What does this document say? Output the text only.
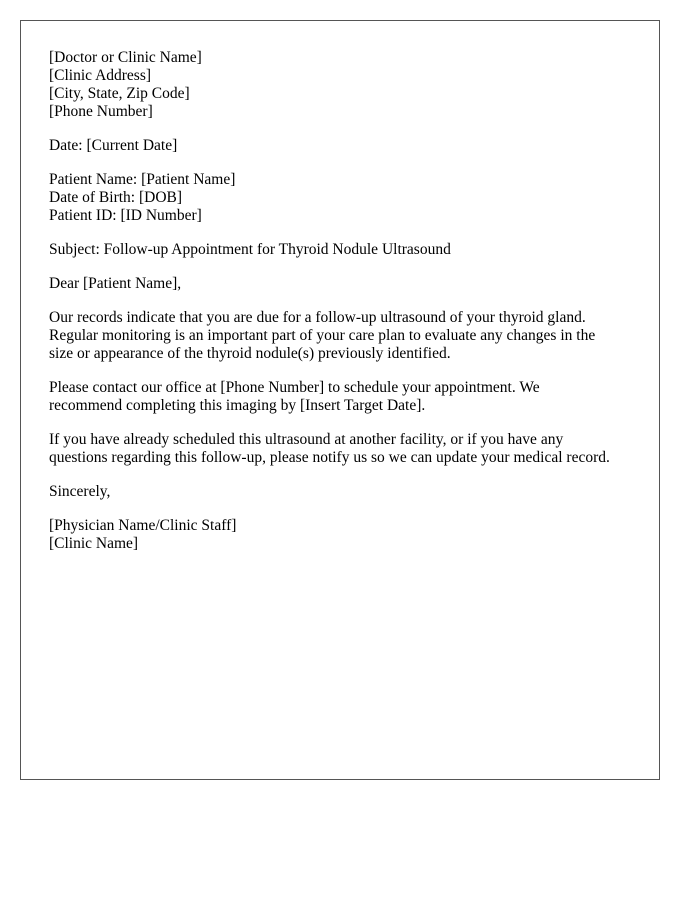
[Doctor or Clinic Name]
[Clinic Address]
[City, State, Zip Code]
[Phone Number]
Date: [Current Date]
Patient Name: [Patient Name]
Date of Birth: [DOB]
Patient ID: [ID Number]
Subject: Follow-up Appointment for Thyroid Nodule Ultrasound
Dear [Patient Name],
Our records indicate that you are due for a follow-up ultrasound of your thyroid gland.
Regular monitoring is an important part of your care plan to evaluate any changes in the
size or appearance of the thyroid nodule(s) previously identified.
Please contact our office at [Phone Number] to schedule your appointment. We
recommend completing this imaging by [Insert Target Date].
If you have already scheduled this ultrasound at another facility, or if you have any
questions regarding this follow-up, please notify us so we can update your medical record.
Sincerely,
[Physician Name/Clinic Staff]
[Clinic Name]
